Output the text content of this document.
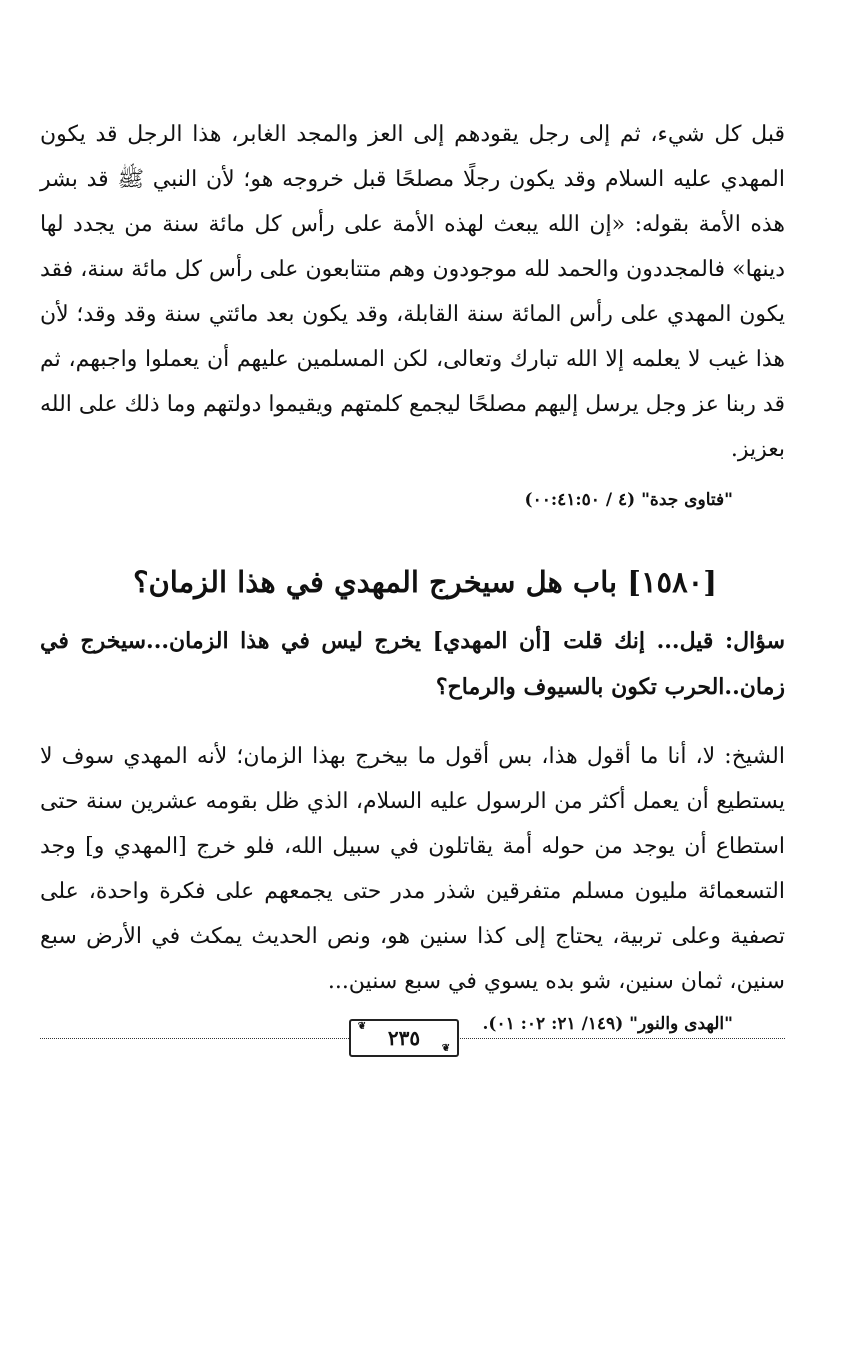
قبل كل شيء، ثم إلى رجل يقودهم إلى العز والمجد الغابر، هذا الرجل قد يكون المهدي عليه السلام وقد يكون رجلًا مصلحًا قبل خروجه هو؛ لأن النبي ﷺ قد بشر هذه الأمة بقوله: «إن الله يبعث لهذه الأمة على رأس كل مائة سنة من يجدد لها دينها» فالمجددون والحمد لله موجودون وهم متتابعون على رأس كل مائة سنة، فقد يكون المهدي على رأس المائة سنة القابلة، وقد يكون بعد مائتي سنة وقد وقد؛ لأن هذا غيب لا يعلمه إلا الله تبارك وتعالى، لكن المسلمين عليهم أن يعملوا واجبهم، ثم قد ربنا عز وجل يرسل إليهم مصلحًا ليجمع كلمتهم ويقيموا دولتهم وما ذلك على الله بعزيز.

"فتاوى جدة" (٤ / ٠٠:٤١:٥٠)
[١٥٨٠] باب هل سيخرج المهدي في هذا الزمان؟

سؤال: قيل... إنك قلت [أن المهدي] يخرج ليس في هذا الزمان...سيخرج في زمان..الحرب تكون بالسيوف والرماح؟

الشيخ: لا، أنا ما أقول هذا، بس أقول ما بيخرج بهذا الزمان؛ لأنه المهدي سوف لا يستطيع أن يعمل أكثر من الرسول عليه السلام، الذي ظل بقومه عشرين سنة حتى استطاع أن يوجد من حوله أمة يقاتلون في سبيل الله، فلو خرج [المهدي و] وجد التسعمائة مليون مسلم متفرقين شذر مدر حتى يجمعهم على فكرة واحدة، على تصفية وعلى تربية، يحتاج إلى كذا سنين هو، ونص الحديث يمكث في الأرض سبع سنين، ثمان سنين، شو بده يسوي في سبع سنين...

"الهدى والنور" (١٤٩/ ٢١: ٠٢: ٠١).
❦ ٢٣٥ ❦
